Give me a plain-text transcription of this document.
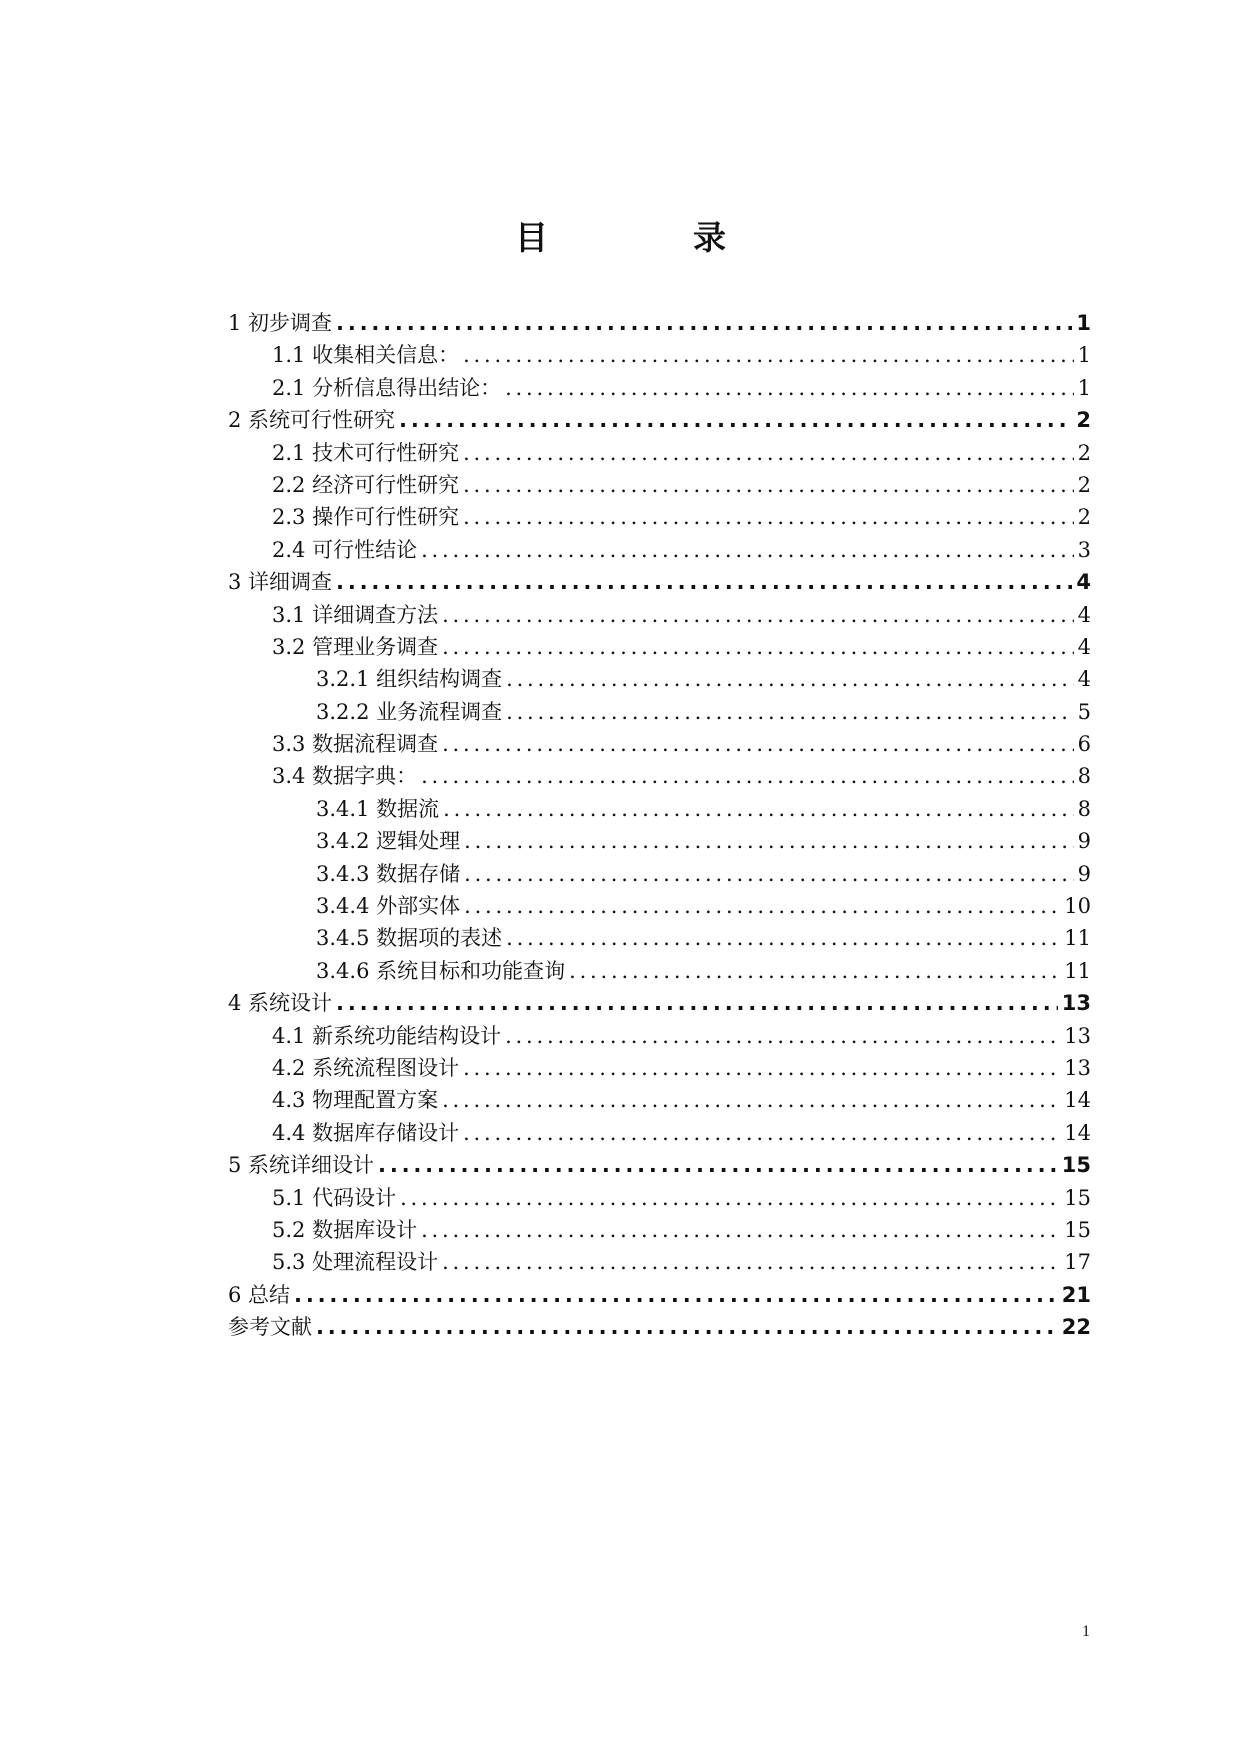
目　录
1 初步调查 .....	1
1.1 收集相关信息： .....	1
2.1 分析信息得出结论： .....	1
2 系统可行性研究 .....	2
2.1 技术可行性研究 .....	2
2.2 经济可行性研究 .....	2
2.3 操作可行性研究 .....	2
2.4 可行性结论 .....	3
3 详细调查 .....	4
3.1 详细调查方法 .....	4
3.2 管理业务调查 .....	4
3.2.1 组织结构调查 .....	4
3.2.2 业务流程调查 .....	5
3.3 数据流程调查 .....	6
3.4 数据字典： .....	8
3.4.1 数据流 .....	8
3.4.2 逻辑处理 .....	9
3.4.3 数据存储 .....	9
3.4.4 外部实体 .....	10
3.4.5 数据项的表述 .....	11
3.4.6 系统目标和功能查询 .....	11
4 系统设计 .....	13
4.1 新系统功能结构设计 .....	13
4.2 系统流程图设计 .....	13
4.3 物理配置方案 .....	14
4.4 数据库存储设计 .....	14
5 系统详细设计 .....	15
5.1 代码设计 .....	15
5.2 数据库设计 .....	15
5.3 处理流程设计 .....	17
6 总结 .....	21
参考文献 .....	22
1
